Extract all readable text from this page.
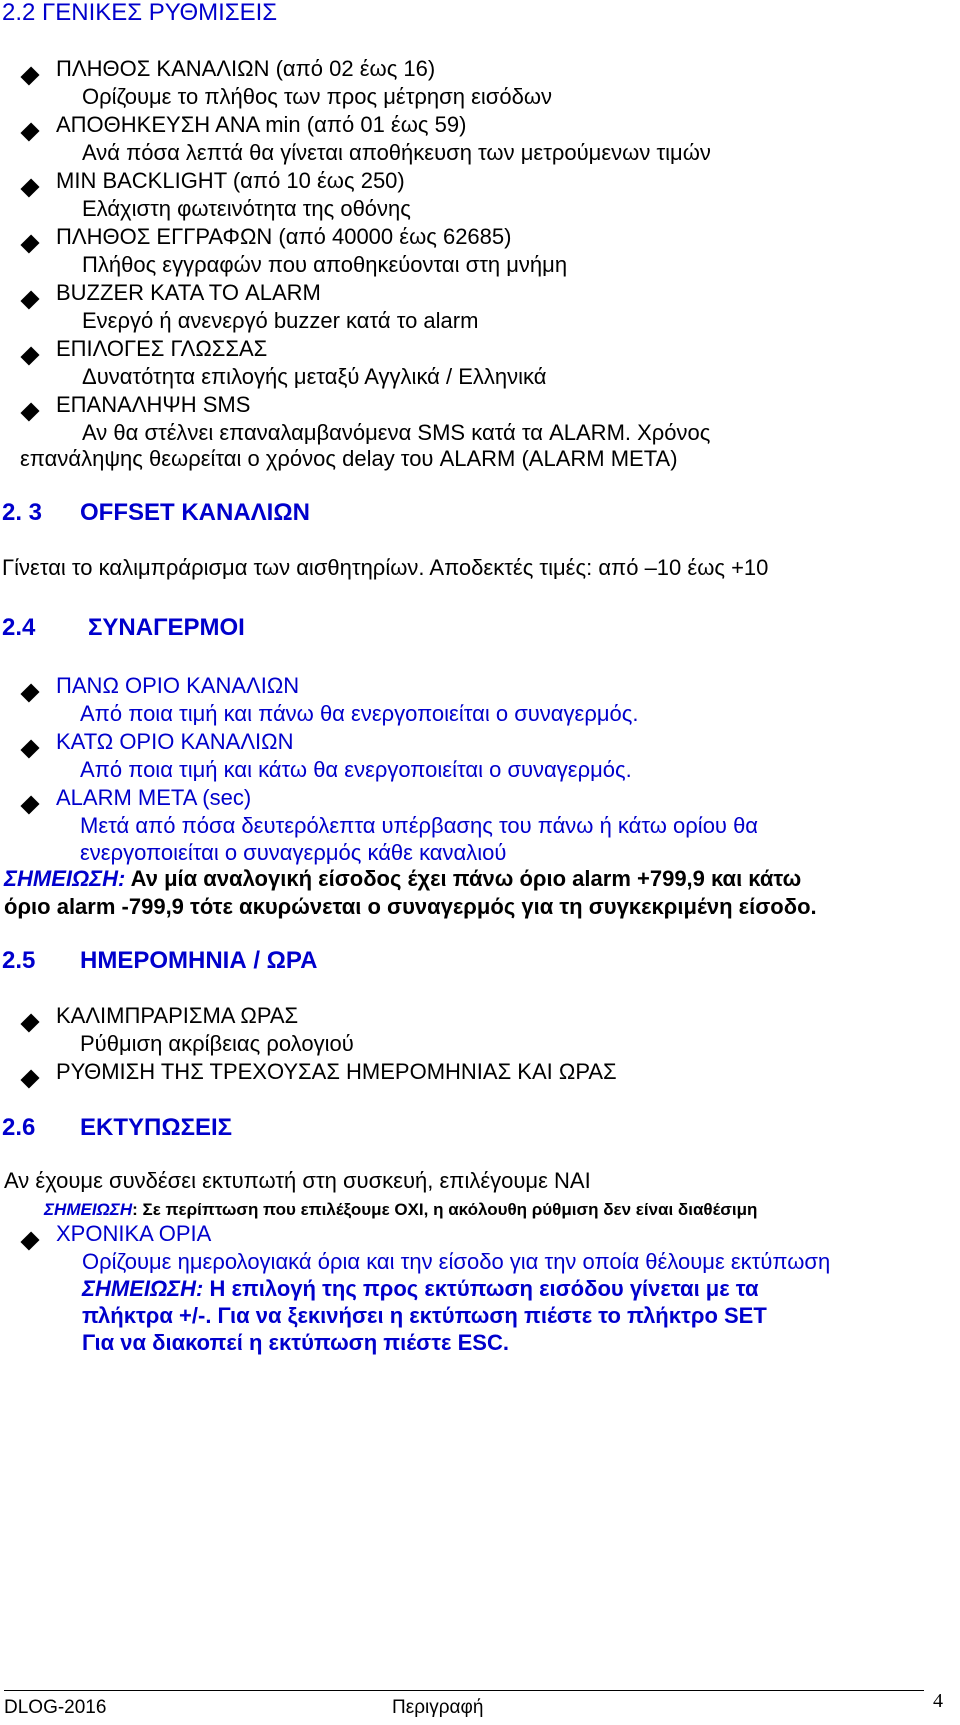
2.2 ΓΕΝΙΚΕΣ ΡΥΘΜΙΣΕΙΣ
ΠΛΗΘΟΣ ΚΑΝΑΛΙΩΝ (από 02 έως 16)
Ορίζουμε το πλήθος των προς μέτρηση εισόδων
ΑΠΟΘΗΚΕΥΣΗ ΑΝΑ min (από 01 έως 59)
Ανά πόσα λεπτά θα γίνεται αποθήκευση των μετρούμενων τιμών
MIN BACKLIGHT (από 10 έως 250)
Ελάχιστη φωτεινότητα της οθόνης
ΠΛΗΘΟΣ ΕΓΓΡΑΦΩΝ (από 40000 έως 62685)
Πλήθος εγγραφών που αποθηκεύονται στη μνήμη
BUZZER ΚΑΤΑ ΤΟ ALARM
Ενεργό ή ανενεργό buzzer κατά το alarm
ΕΠΙΛΟΓΕΣ ΓΛΩΣΣΑΣ
Δυνατότητα επιλογής μεταξύ Αγγλικά / Ελληνικά
ΕΠΑΝΑΛΗΨΗ SMS
Αν θα στέλνει επαναλαμβανόμενα SMS κατά τα ALARM. Χρόνος
επανάληψης θεωρείται ο χρόνος delay του ALARM (ALARM META)
2. 3 OFFSET ΚΑΝΑΛΙΩΝ
Γίνεται το καλιμπράρισμα των αισθητηρίων. Αποδεκτές τιμές: από –10 έως +10
2.4 ΣΥΝΑΓΕΡΜΟΙ
ΠΑΝΩ ΟΡΙΟ ΚΑΝΑΛΙΩΝ
Από ποια τιμή και πάνω θα ενεργοποιείται ο συναγερμός.
ΚΑΤΩ ΟΡΙΟ ΚΑΝΑΛΙΩΝ
Από ποια τιμή και κάτω θα ενεργοποιείται ο συναγερμός.
ALARM META (sec)
Μετά από πόσα δευτερόλεπτα υπέρβασης του πάνω ή κάτω ορίου θα
ενεργοποιείται ο συναγερμός κάθε καναλιού
ΣΗΜΕΙΩΣΗ: Αν μία αναλογική είσοδος έχει πάνω όριο alarm +799,9 και κάτω
όριο alarm -799,9 τότε ακυρώνεται ο συναγερμός για τη συγκεκριμένη είσοδο.
2.5 ΗΜΕΡΟΜΗΝΙΑ / ΩΡΑ
ΚΑΛΙΜΠΡΑΡΙΣΜΑ ΩΡΑΣ
Ρύθμιση ακρίβειας ρολογιού
ΡΥΘΜΙΣΗ ΤΗΣ ΤΡΕΧΟΥΣΑΣ ΗΜΕΡΟΜΗΝΙΑΣ ΚΑΙ ΩΡΑΣ
2.6 ΕΚΤΥΠΩΣΕΙΣ
Αν έχουμε συνδέσει εκτυπωτή στη συσκευή, επιλέγουμε ΝΑΙ
ΣΗΜΕΙΩΣΗ: Σε περίπτωση που επιλέξουμε ΟΧΙ, η ακόλουθη ρύθμιση δεν είναι διαθέσιμη
ΧΡΟΝΙΚΑ ΟΡΙΑ
Ορίζουμε ημερολογιακά όρια και την είσοδο για την οποία θέλουμε εκτύπωση
ΣΗΜΕΙΩΣΗ: Η επιλογή της προς εκτύπωση εισόδου γίνεται με τα
πλήκτρα +/-. Για να ξεκινήσει η εκτύπωση πιέστε το πλήκτρο SET
Για να διακοπεί η εκτύπωση πιέστε ESC.
DLOG-2016	Περιγραφή	4
